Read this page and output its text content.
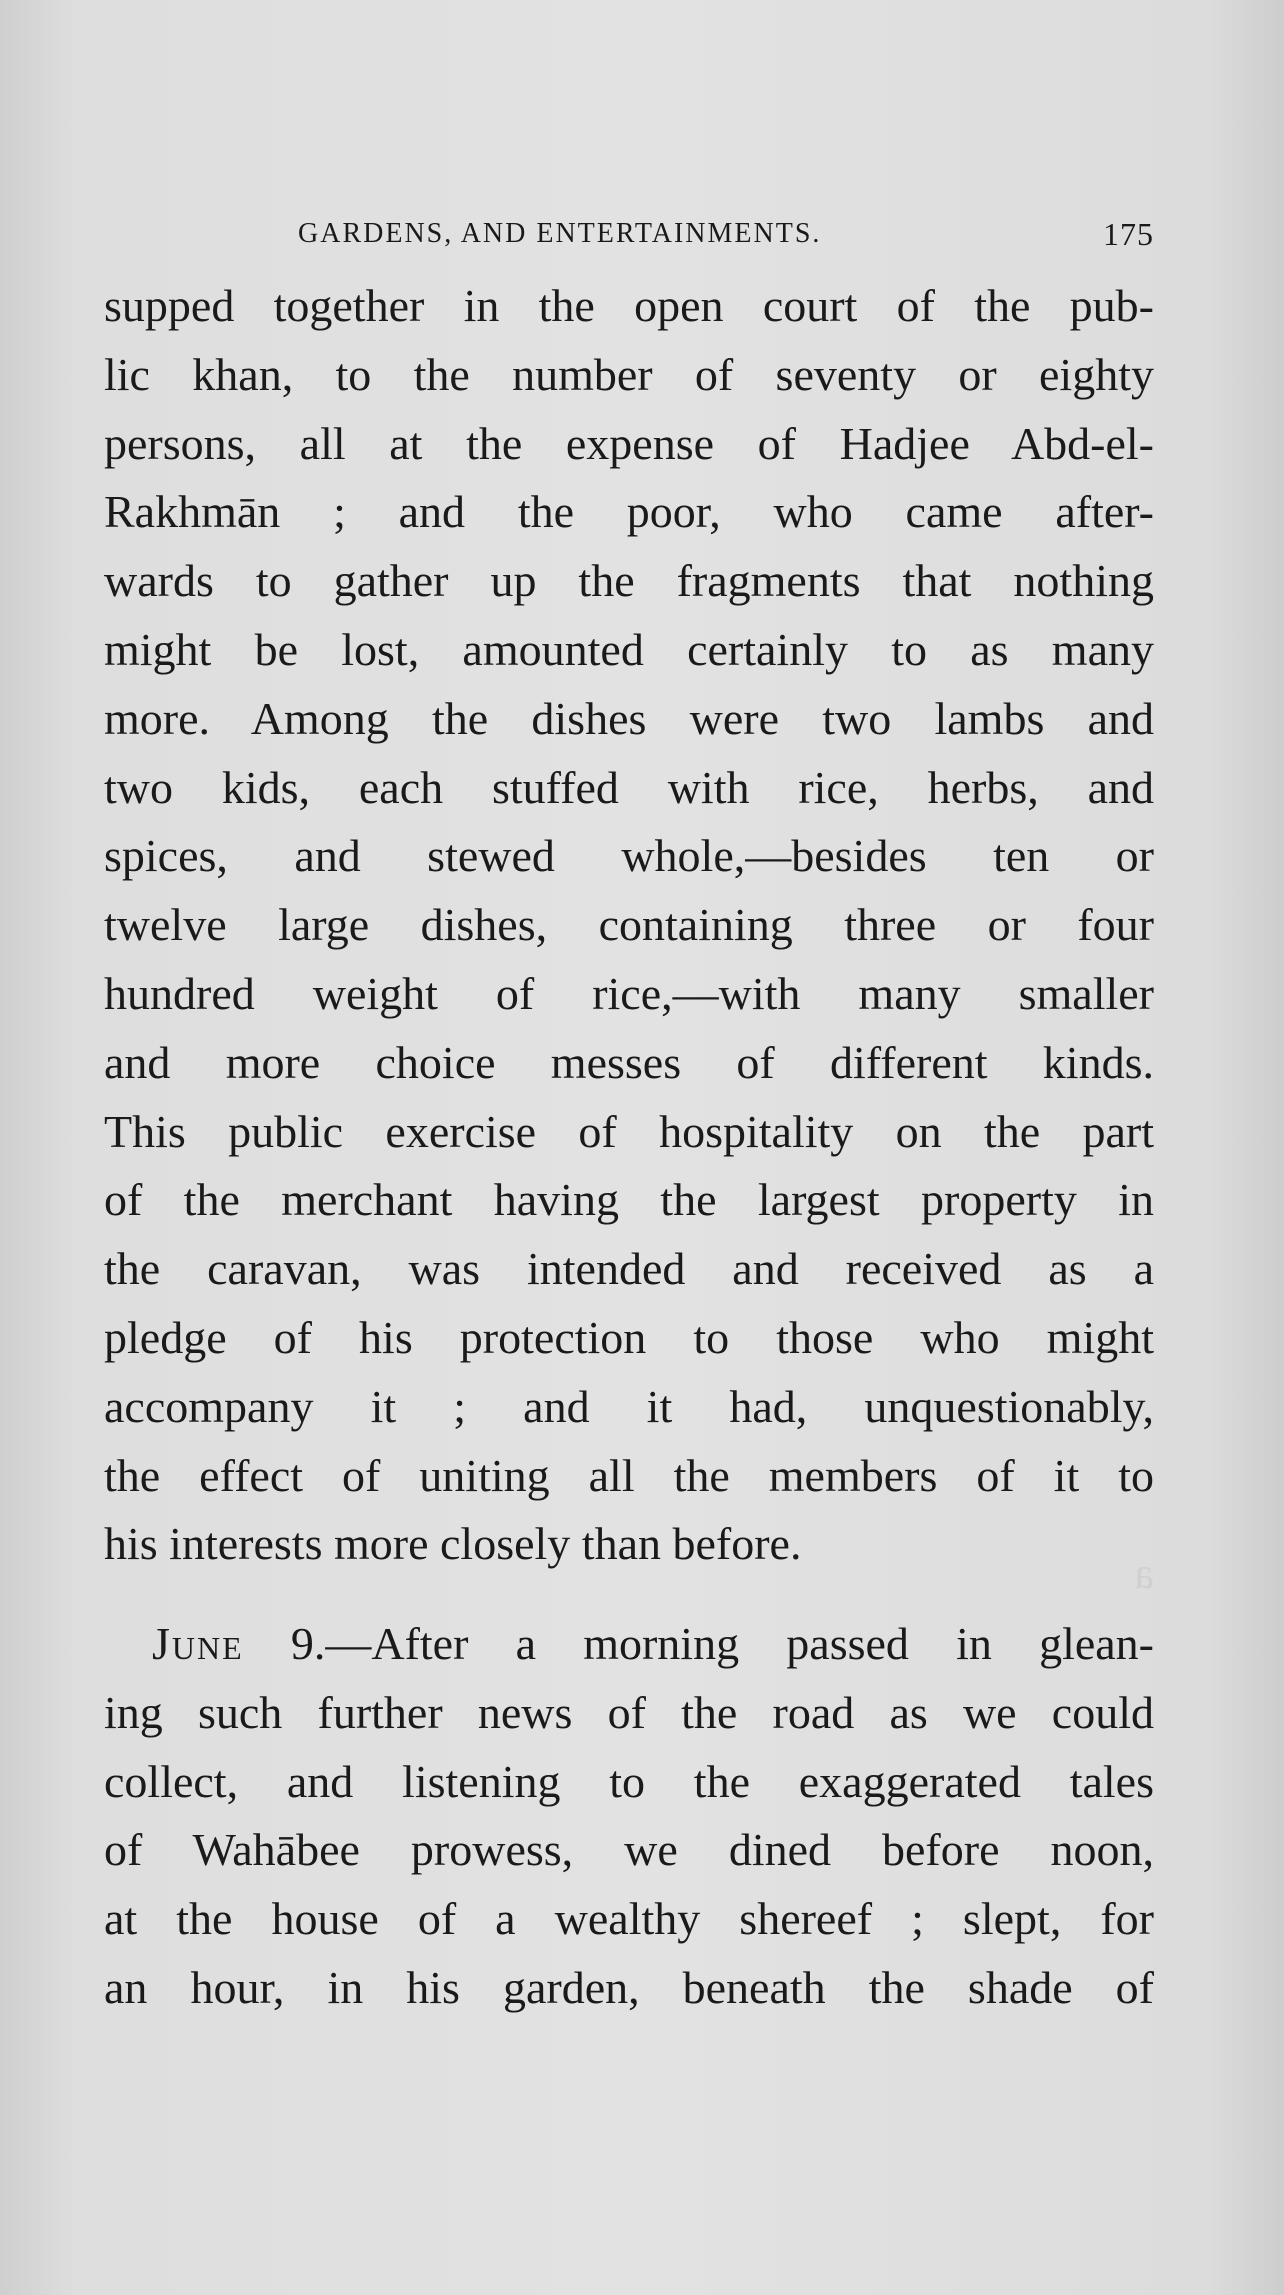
a
GARDENS, AND ENTERTAINMENTS.	175
supped together in the open court of the pub-
lic khan, to the number of seventy or eighty
persons, all at the expense of Hadjee Abd-el-
Rakhmān ; and the poor, who came after-
wards to gather up the fragments that nothing
might be lost, amounted certainly to as many
more. Among the dishes were two lambs and
two kids, each stuffed with rice, herbs, and
spices, and stewed whole,—besides ten or
twelve large dishes, containing three or four
hundred weight of rice,—with many smaller
and more choice messes of different kinds.
This public exercise of hospitality on the part
of the merchant having the largest property in
the caravan, was intended and received as a
pledge of his protection to those who might
accompany it ; and it had, unquestionably,
the effect of uniting all the members of it to
his interests more closely than before.
June 9.—After a morning passed in glean-
ing such further news of the road as we could
collect, and listening to the exaggerated tales
of Wahābee prowess, we dined before noon,
at the house of a wealthy shereef ; slept, for
an hour, in his garden, beneath the shade of
